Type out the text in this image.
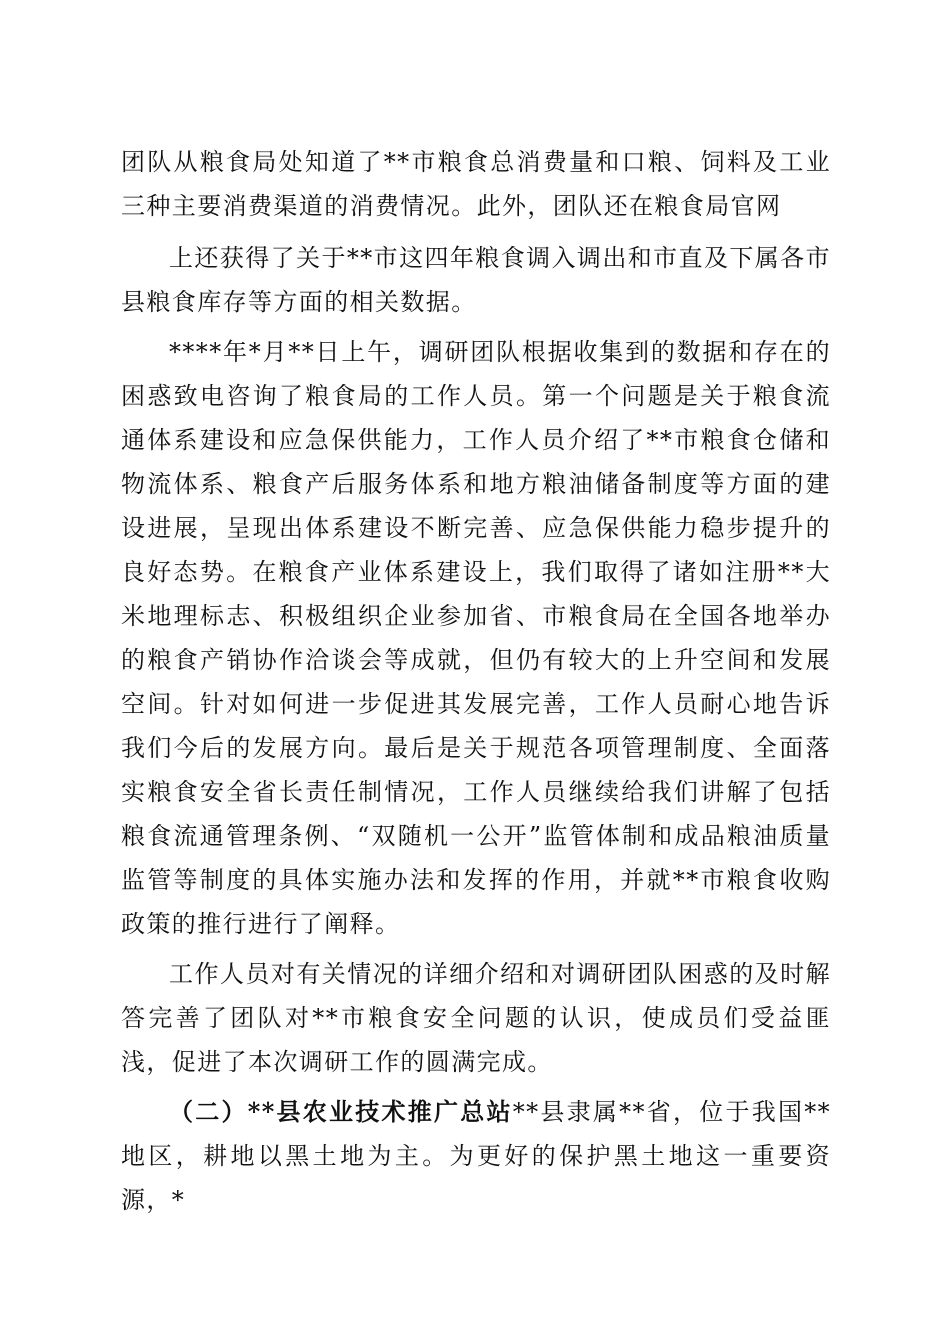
团队从粮食局处知道了**市粮食总消费量和口粮、饲料及工业三种主要消费渠道的消费情况。此外，团队还在粮食局官网

上还获得了关于**市这四年粮食调入调出和市直及下属各市县粮食库存等方面的相关数据。

****年*月**日上午，调研团队根据收集到的数据和存在的困惑致电咨询了粮食局的工作人员。第一个问题是关于粮食流通体系建设和应急保供能力，工作人员介绍了**市粮食仓储和物流体系、粮食产后服务体系和地方粮油储备制度等方面的建设进展，呈现出体系建设不断完善、应急保供能力稳步提升的良好态势。在粮食产业体系建设上，我们取得了诸如注册**大米地理标志、积极组织企业参加省、市粮食局在全国各地举办的粮食产销协作洽谈会等成就，但仍有较大的上升空间和发展空间。针对如何进一步促进其发展完善，工作人员耐心地告诉我们今后的发展方向。最后是关于规范各项管理制度、全面落实粮食安全省长责任制情况，工作人员继续给我们讲解了包括粮食流通管理条例、“双随机一公开”监管体制和成品粮油质量监管等制度的具体实施办法和发挥的作用，并就**市粮食收购政策的推行进行了阐释。

工作人员对有关情况的详细介绍和对调研团队困惑的及时解答完善了团队对**市粮食安全问题的认识，使成员们受益匪浅，促进了本次调研工作的圆满完成。

（二）**县农业技术推广总站**县隶属**省，位于我国**地区，耕地以黑土地为主。为更好的保护黑土地这一重要资源，*
